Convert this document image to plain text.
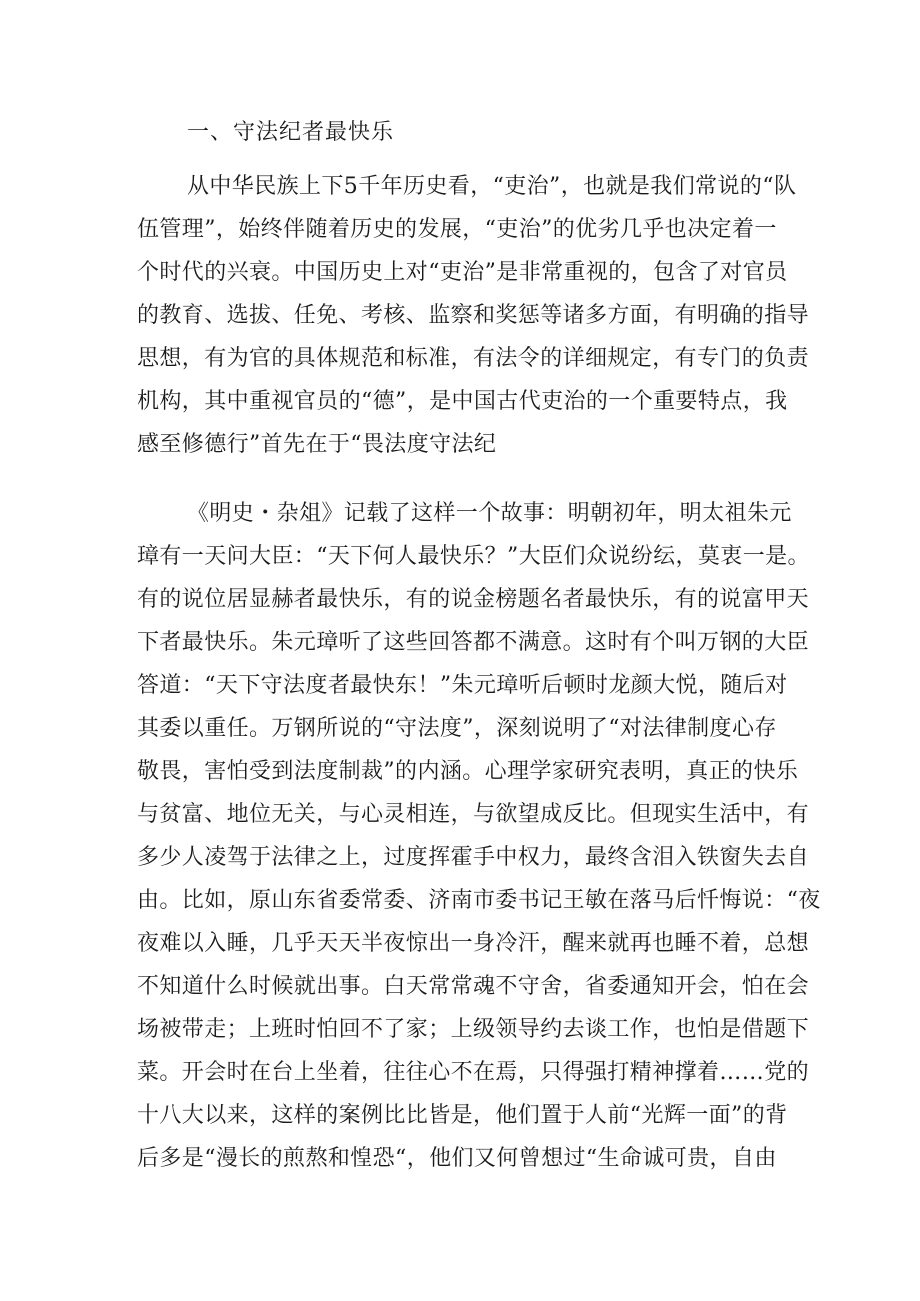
一、守法纪者最快乐
从中华民族上下5千年历史看，“吏治”，也就是我们常说的“队
伍管理”，始终伴随着历史的发展，“吏治”的优劣几乎也决定着一
个时代的兴衰。中国历史上对“吏治”是非常重视的，包含了对官员
的教育、选拔、任免、考核、监察和奖惩等诸多方面，有明确的指导
思想，有为官的具体规范和标准，有法令的详细规定，有专门的负责
机构，其中重视官员的“德”，是中国古代吏治的一个重要特点，我
感至修德行”首先在于“畏法度守法纪
《明史・杂俎》记载了这样一个故事：明朝初年，明太祖朱元
璋有一天问大臣：“天下何人最快乐？”大臣们众说纷纭，莫衷一是。
有的说位居显赫者最快乐，有的说金榜题名者最快乐，有的说富甲天
下者最快乐。朱元璋听了这些回答都不满意。这时有个叫万钢的大臣
答道：“天下守法度者最快东！”朱元璋听后顿时龙颜大悦，随后对
其委以重任。万钢所说的“守法度”，深刻说明了“对法律制度心存
敬畏，害怕受到法度制裁”的内涵。心理学家研究表明，真正的快乐
与贫富、地位无关，与心灵相连，与欲望成反比。但现实生活中，有
多少人凌驾于法律之上，过度挥霍手中权力，最终含泪入铁窗失去自
由。比如，原山东省委常委、济南市委书记王敏在落马后忏悔说：“夜
夜难以入睡，几乎天天半夜惊出一身冷汗，醒来就再也睡不着，总想
不知道什么时候就出事。白天常常魂不守舍，省委通知开会，怕在会
场被带走；上班时怕回不了家；上级领导约去谈工作，也怕是借题下
菜。开会时在台上坐着，往往心不在焉，只得强打精神撑着……党的
十八大以来，这样的案例比比皆是，他们置于人前“光辉一面”的背
后多是“漫长的煎熬和惶恐“，他们又何曾想过“生命诚可贵，自由
